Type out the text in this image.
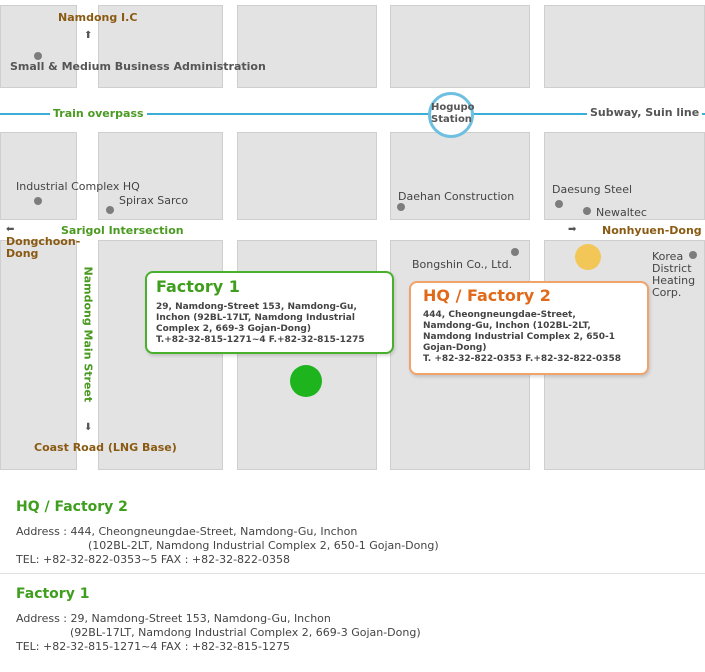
Namdong I.C
⬆
Small & Medium Business Administration
Train overpass	Subway, Suin line
Hogupo
Station
Industrial Complex HQ
Spirax Sarco	Daehan Construction
Daesung Steel
Newaltec
⬅	Sarigol Intersection
Dongchoon-
Dong
➡ Nonhyuen-Dong
Bongshin Co., Ltd.
Korea
District
Heating
Corp.
Namdong Main Street
⬇
Coast Road (LNG Base)
Factory 1
29, Namdong-Street 153, Namdong-Gu,
Inchon (92BL-17LT, Namdong Industrial
Complex 2, 669-3 Gojan-Dong)
T.+82-32-815-1271~4 F.+82-32-815-1275
HQ / Factory 2
444, Cheongneungdae-Street,
Namdong-Gu, Inchon (102BL-2LT,
Namdong Industrial Complex 2, 650-1
Gojan-Dong)
T. +82-32-822-0353 F.+82-32-822-0358
HQ / Factory 2
Address : 444, Cheongneungdae-Street, Namdong-Gu, Inchon
(102BL-2LT, Namdong Industrial Complex 2, 650-1 Gojan-Dong)
TEL: +82-32-822-0353~5 FAX : +82-32-822-0358
Factory 1
Address : 29, Namdong-Street 153, Namdong-Gu, Inchon
(92BL-17LT, Namdong Industrial Complex 2, 669-3 Gojan-Dong)
TEL: +82-32-815-1271~4 FAX : +82-32-815-1275
